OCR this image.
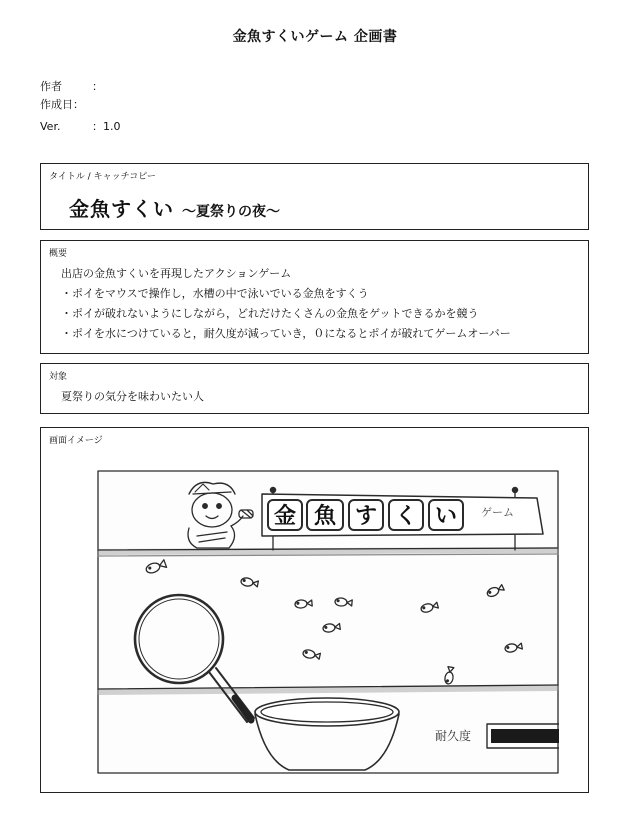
金魚すくいゲーム 企画書
作者	：
作成日：
Ver.	：1.0
タイトル / キャッチコピー
金魚すくい 〜夏祭りの夜〜
概要
出店の金魚すくいを再現したアクションゲーム
・ポイをマウスで操作し，水槽の中で泳いでいる金魚をすくう
・ポイが破れないようにしながら，どれだけたくさんの金魚をゲットできるかを競う
・ポイを水につけていると，耐久度が減っていき，０になるとポイが破れてゲームオーバー
対象
夏祭りの気分を味わいたい人
画面イメージ
金 魚 す く い ゲーム
耐久度
